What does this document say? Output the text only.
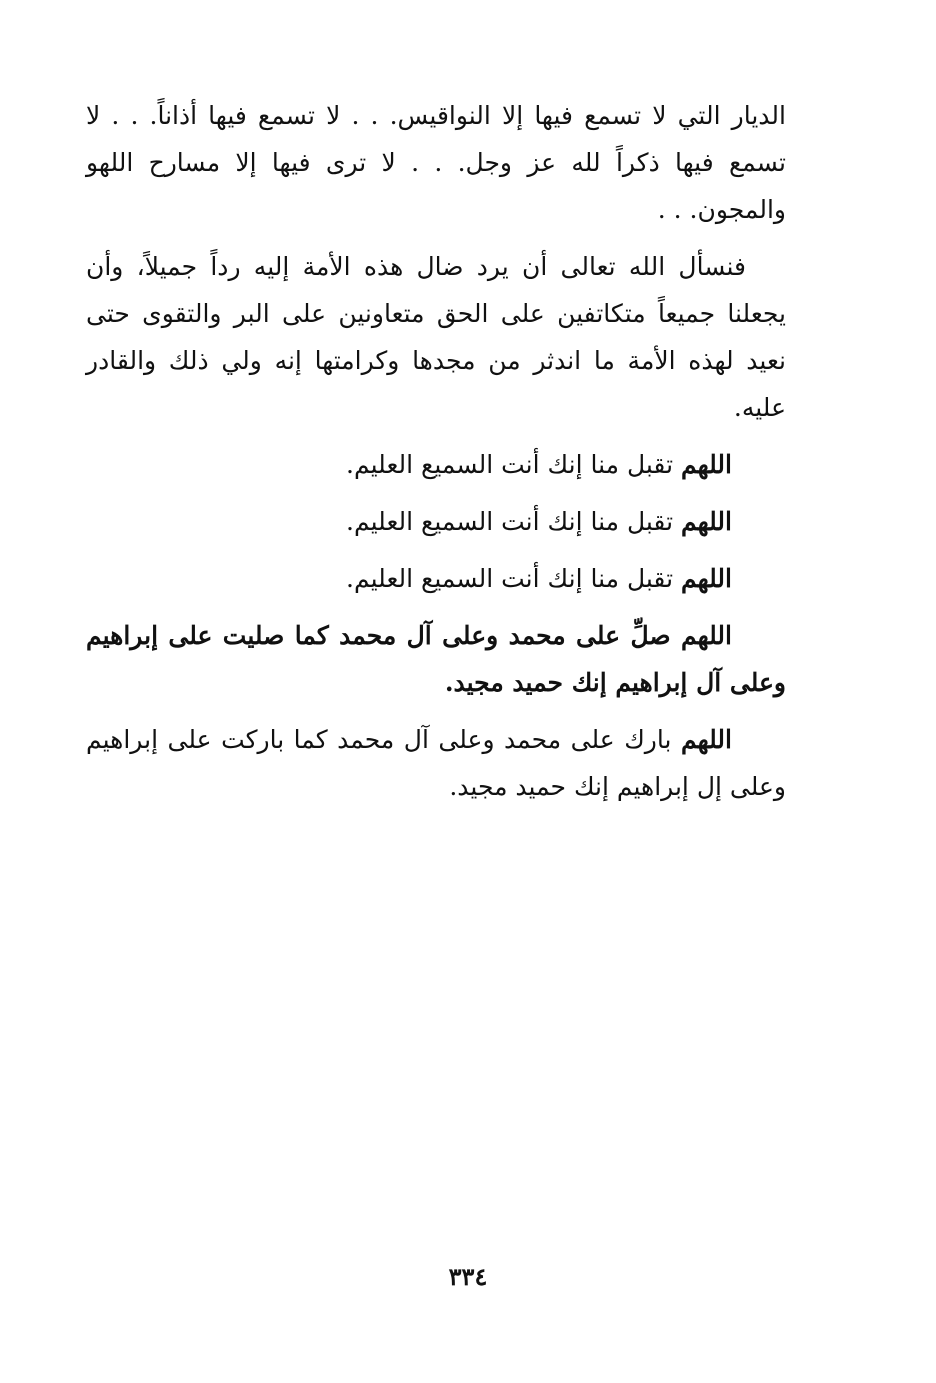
الديار التي لا تسمع فيها إلا النواقيس. . . لا تسمع فيها أذاناً. . . لا تسمع فيها ذكراً لله عز وجل. . . لا ترى فيها إلا مسارح اللهو والمجون. . .

فنسأل الله تعالى أن يرد ضال هذه الأمة إليه رداً جميلاً، وأن يجعلنا جميعاً متكاتفين على الحق متعاونين على البر والتقوى حتى نعيد لهذه الأمة ما اندثر من مجدها وكرامتها إنه ولي ذلك والقادر عليه.

اللهم تقبل منا إنك أنت السميع العليم.

اللهم تقبل منا إنك أنت السميع العليم.

اللهم تقبل منا إنك أنت السميع العليم.

اللهم صلِّ على محمد وعلى آل محمد كما صليت على إبراهيم وعلى آل إبراهيم إنك حميد مجيد.

اللهم بارك على محمد وعلى آل محمد كما باركت على إبراهيم وعلى إل إبراهيم إنك حميد مجيد.

٣٣٤
